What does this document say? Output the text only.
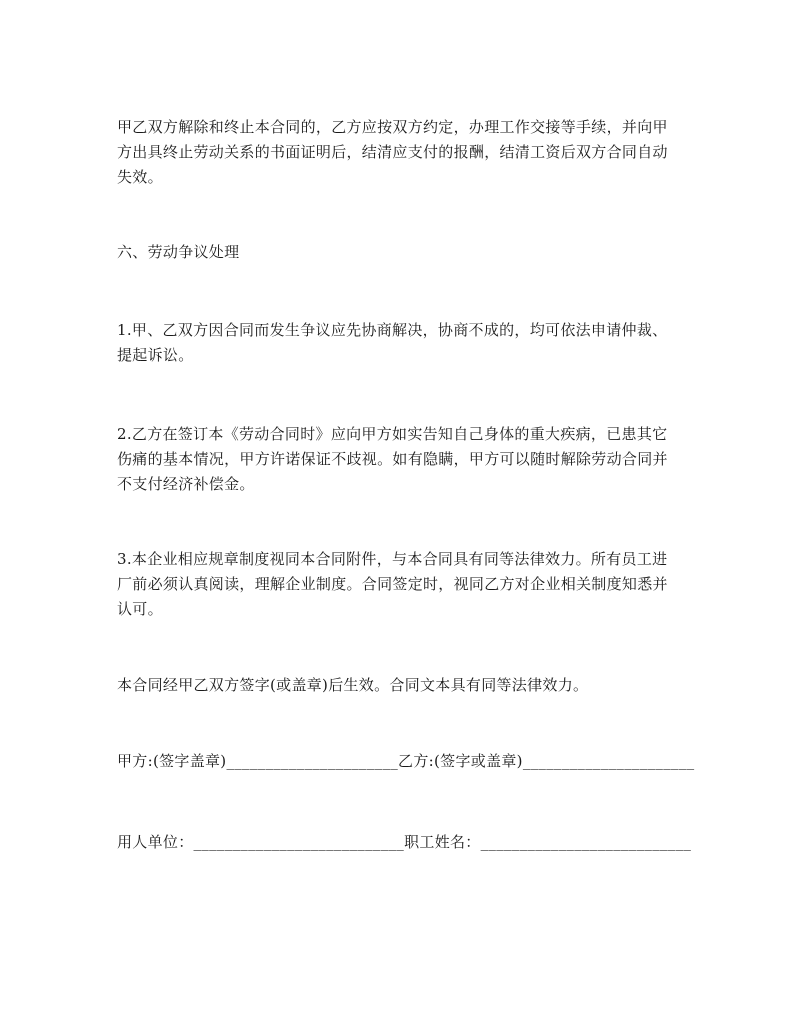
甲乙双方解除和终止本合同的，乙方应按双方约定，办理工作交接等手续，并向甲
方出具终止劳动关系的书面证明后，结清应支付的报酬，结清工资后双方合同自动
失效。
六、劳动争议处理
1.甲、乙双方因合同而发生争议应先协商解决，协商不成的，均可依法申请仲裁、
提起诉讼。
2.乙方在签订本《劳动合同时》应向甲方如实告知自己身体的重大疾病，已患其它
伤痛的基本情况，甲方许诺保证不歧视。如有隐瞒，甲方可以随时解除劳动合同并
不支付经济补偿金。
3.本企业相应规章制度视同本合同附件，与本合同具有同等法律效力。所有员工进
厂前必须认真阅读，理解企业制度。合同签定时，视同乙方对企业相关制度知悉并
认可。
本合同经甲乙双方签字(或盖章)后生效。合同文本具有同等法律效力。
甲方:(签字盖章)______________________乙方:(签字或盖章)______________________
用人单位：___________________________职工姓名：___________________________
